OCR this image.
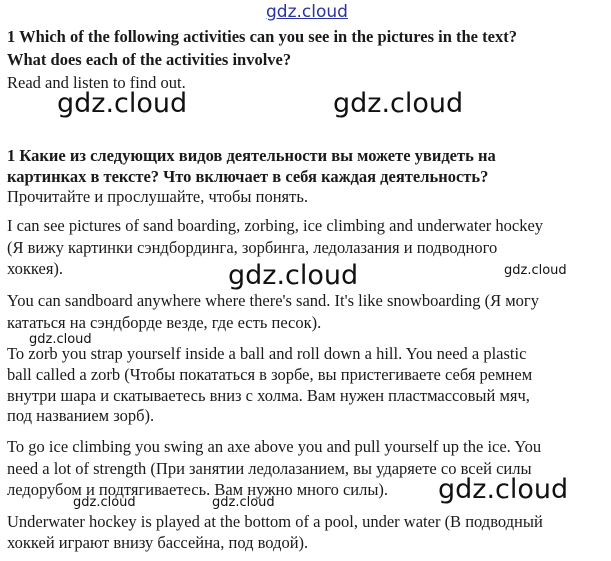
gdz.cloud
1 Which of the following activities can you see in the pictures in the text?
What does each of the activities involve?
Read and listen to find out.
gdz.cloud	gdz.cloud
1 Какие из следующих видов деятельности вы можете увидеть на
картинках в тексте? Что включает в себя каждая деятельность?
Прочитайте и прослушайте, чтобы понять.
I can see pictures of sand boarding, zorbing, ice climbing and underwater hockey
(Я вижу картинки сэндбординга, зорбинга, ледолазания и подводного
хоккея).	gdz.cloud	gdz.cloud
You can sandboard anywhere where there's sand. It's like snowboarding (Я могу
кататься на сэндборде везде, где есть песок).
gdz.cloud
To zorb you strap yourself inside a ball and roll down a hill. You need a plastic
ball called a zorb (Чтобы покататься в зорбе, вы пристегиваете себя ремнем
внутри шара и скатываетесь вниз с холма. Вам нужен пластмассовый мяч,
под названием зорб).
To go ice climbing you swing an axe above you and pull yourself up the ice. You
need a lot of strength (При занятии ледолазанием, вы ударяете со всей силы
ледорубом и подтягиваетесь. Вам нужно много силы).	gdz.cloud
gdz.cloud	gdz.cloud
Underwater hockey is played at the bottom of a pool, under water (В подводный
хоккей играют внизу бассейна, под водой).
